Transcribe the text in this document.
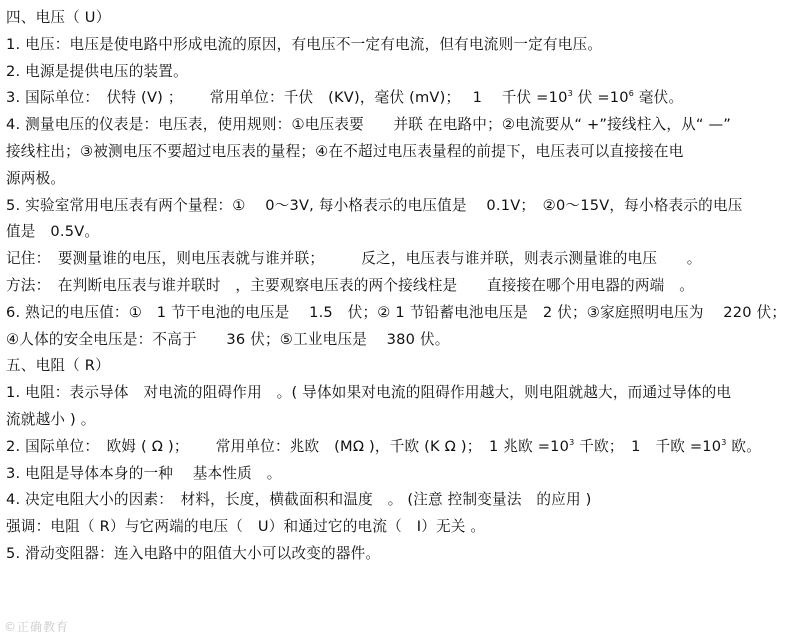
四、电压（ U）
1. 电压：电压是使电路中形成电流的原因，有电压不一定有电流，但有电流则一定有电压。
2. 电源是提供电压的装置。
3. 国际单位：　伏特 (V) ；　　 常用单位：千伏　(KV)，毫伏 (mV)；　 1　 千伏 $=10^3$ 伏 $=10^6$ 毫伏。
4. 测量电压的仪表是：电压表，使用规则：①电压表要　　并联 在电路中；②电流要从“ +”接线柱入，从“ —”
接线柱出；③被测电压不要超过电压表的量程；④在不超过电压表量程的前提下，电压表可以直接接在电
源两极。
5. 实验室常用电压表有两个量程：①　 0～3V, 每小格表示的电压值是　 0.1V；　②0～15V，每小格表示的电压
值是　0.5V。
记住：　要测量谁的电压，则电压表就与谁并联；　　　反之，电压表与谁并联，则表示测量谁的电压　　。
方法：　在判断电压表与谁并联时　，主要观察电压表的两个接线柱是　　直接接在哪个用电器的两端　。
6. 熟记的电压值：①　1 节干电池的电压是　 1.5　伏；② 1 节铅蓄电池电压是　2 伏；③家庭照明电压为　 220 伏；
④人体的安全电压是：不高于　　36 伏；⑤工业电压是　 380 伏。
五、电阻（ R）
1. 电阻：表示导体　对电流的阻碍作用　。( 导体如果对电流的阻碍作用越大，则电阻就越大，而通过导体的电
流就越小 ) 。
2. 国际单位：　欧姆 ( Ω )；　　 常用单位：兆欧　(MΩ )，千欧 (K Ω )；　1 兆欧 $=10^3$ 千欧；　1　千欧 $=10^3$ 欧。
3. 电阻是导体本身的一种　 基本性质　。
4. 决定电阻大小的因素：　材料，长度，横截面积和温度　。 (注意 控制变量法　的应用 )
强调：电阻（ R）与它两端的电压（　U）和通过它的电流（　I）无关 。
5. 滑动变阻器：连入电路中的阻值大小可以改变的器件。
©正确教育
